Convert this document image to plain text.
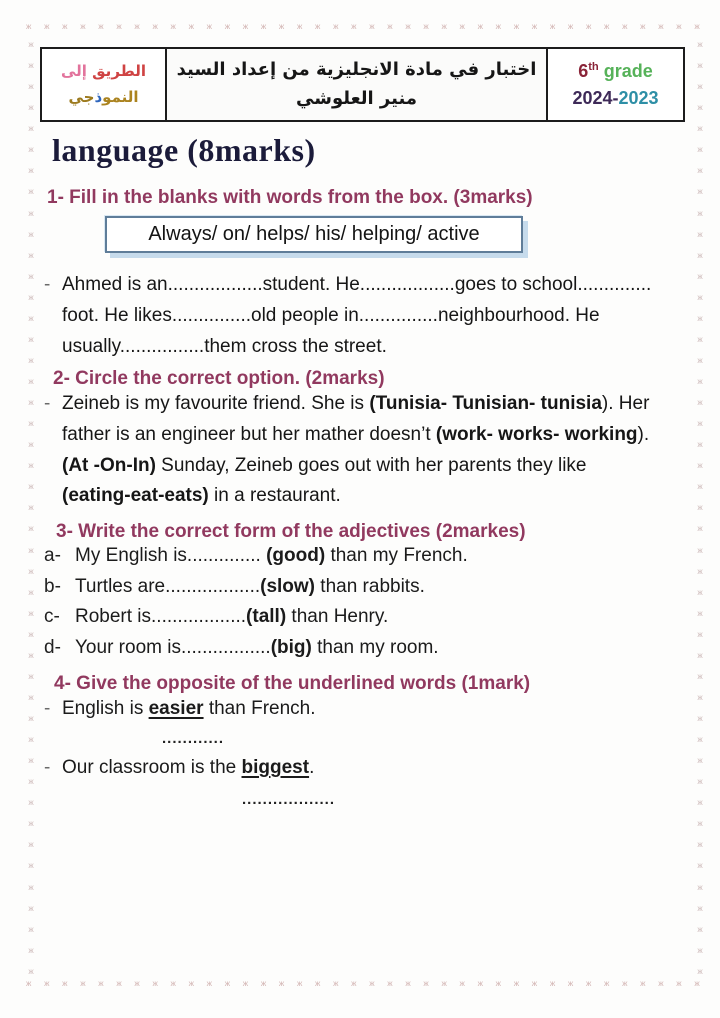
ж ж ж ж ж ж ж ж ж ж ж ж ж ж ж ж ж ж ж ж ж ж ж ж ж ж ж ж ж ж ж ж ж ж ж ж ж ж
ж ж ж ж ж ж ж ж ж ж ж ж ж ж ж ж ж ж ж ж ж ж ж ж ж ж ж ж ж ж ж ж ж ж ж ж ж ж
ж
ж
ж
ж
ж
ж
ж
ж
ж
ж
ж
ж
ж
ж
ж
ж
ж
ж
ж
ж
ж
ж
ж
ж
ж
ж
ж
ж
ж
ж
ж
ж
ж
ж
ж
ж
ж
ж
ж
ж
ж
ж
ж
ж
ж
ж
ж
ж
ж
ж
ж
ж
ж
ж
ж
ж
ж
ж
ж
ж
ж
ж
ж
ж
ж
ж
ж
ж
ж
ж
ж
ж
ж
ж
ж
ж
ж
ж
ж
ж
ж
ж
ж
ж
ж
ж
ж
ж
ж
ж
الطريق إلى
النموذجي
اختبار في مادة الانجليزية من إعداد السيد
منير العلوشي
6th grade
2024-2023
language (8marks)
1- Fill in the blanks with words from the box. (3marks)
Always/ on/ helps/ his/ helping/ active
- Ahmed is an..................student. He..................goes to school..............
foot. He likes...............old people in...............neighbourhood. He
usually................them cross the street.
2- Circle the correct option. (2marks)
- Zeineb is my favourite friend. She is (Tunisia- Tunisian- tunisia). Her
father is an engineer but her mather doesn’t (work- works- working).
(At -On-In) Sunday, Zeineb goes out with her parents they like
(eating-eat-eats) in a restaurant.
3- Write the correct form of the adjectives (2markes)
a- My English is.............. (good) than my French.
b- Turtles are..................(slow) than rabbits.
c- Robert is..................(tall) than Henry.
d- Your room is.................(big) than my room.
4- Give the opposite of the underlined words (1mark)
- English is easier than French.
............
- Our classroom is the biggest.
..................
